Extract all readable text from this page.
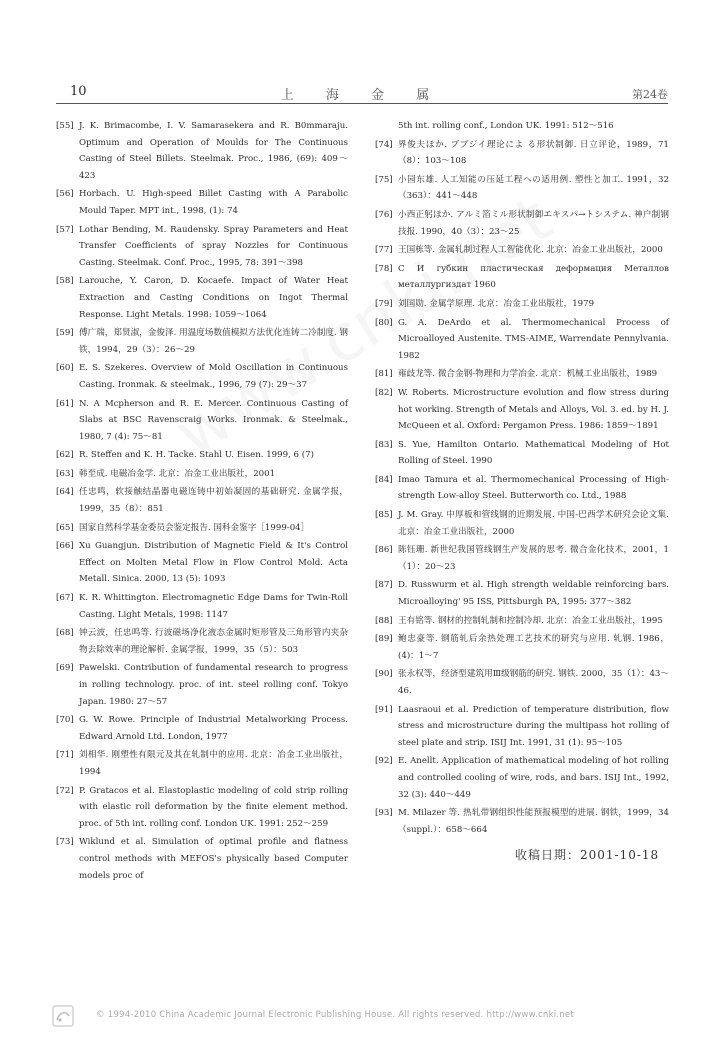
10	上 海 金 属	第24卷
[55] J. K. Brimacombe, I. V. Samarasekera and R. B0mmaraju. Optimum and Operation of Moulds for The Continuous Casting of Steel Billets. Steelmak. Proc., 1986, (69): 409～423
[56] Horbach. U. High-speed Billet Casting with A Parabolic Mould Taper. MPT int., 1998, (1): 74
[57] Lothar Bending, M. Raudensky. Spray Parameters and Heat Transfer Coefficients of spray Nozzles for Continuous Casting. Steelmak. Conf. Proc., 1995, 78: 391～398
[58] Larouche, Y. Caron, D. Kocaefe. Impact of Water Heat Extraction and Casting Conditions on Ingot Thermal Response. Light Metals. 1998: 1059～1064
[59] 傅广瑞，郑贤淑，金俊泽. 用温度场数值模拟方法优化连铸二冷制度. 钢铁，1994，29（3）：26～29
[60] E. S. Szekeres. Overview of Mold Oscillation in Continuous Casting. Ironmak. & steelmak., 1996, 79 (7): 29～37
[61] N. A Mcpherson and R. E. Mercer. Continuous Casting of Slabs at BSC Ravenscraig Works. Ironmak. & Steelmak., 1980, 7 (4): 75～81
[62] R. Steffen and K. H. Tacke. Stahl U. Eisen. 1999, 6 (7)
[63] 韩至成. 电磁冶金学. 北京：冶金工业出版社，2001
[64] 任忠鸣，软接触结晶器电磁连铸中初始凝固的基础研究. 金属学报，1999，35（8）：851
[65] 国家自然科学基金委员会鉴定报告. 国科金鉴字［1999-04］
[66] Xu Guangjun. Distribution of Magnetic Field & It's Control Effect on Molten Metal Flow in Flow Control Mold. Acta Metall. Sinica. 2000, 13 (5): 1093
[67] K. R. Whittington. Electromagnetic Edge Dams for Twin-Roll Casting. Light Metals, 1998: 1147
[68] 钟云波，任忠鸣等. 行波磁场净化液态金属时矩形管及三角形管内夹杂物去除效率的理论解析. 金属学报，1999，35（5）：503
[69] Pawelski. Contribution of fundamental research to progress in rolling technology. proc. of int. steel rolling conf. Tokyo Japan. 1980: 27～57
[70] G. W. Rowe. Principle of Industrial Metalworking Process. Edward Arnold Ltd. London, 1977
[71] 刘相华. 刚塑性有限元及其在轧制中的应用. 北京：冶金工业出版社，1994
[72] P. Gratacos et al. Elastoplastic modeling of cold strip rolling with elastic roll deformation by the finite element method. proc. of 5th int. rolling conf. London UK. 1991: 252～259
[73] Wiklund et al. Simulation of optimal profile and flatness control methods with MEFOS's physically based Computer models proc of
5th int. rolling conf., London UK. 1991: 512～516
[74] 界俊夫ほか. ブブジイ理论によ る形状制御. 日立评论，1989，71（8）：103～108
[75] 小园东雄. 人工知能の压延工程への适用例. 塑性と加工. 1991，32（363）：441～448
[76] 小西正躬ほか. アルミ箔ミル形状制御エキスパ→トシステム. 神户制钢技报. 1990，40（3）：23～25
[77] 王国栋等. 金属轧制过程人工智能优化. 北京：冶金工业出版社，2000
[78] С И губкин пластическая деформация Металлов металлургиздат 1960
[79] 刘国勋. 金属学原理. 北京：冶金工业出版社，1979
[80] G. A. DeArdo et al. Thermomechanical Process of Microalloyed Austenite. TMS-AIME, Warrendate Pennylvania. 1982
[81] 雍歧龙等. 微合金钢-物理和力学冶金. 北京：机械工业出版社，1989
[82] W. Roberts. Microstructure evolution and flow stress during hot working. Strength of Metals and Alloys, Vol. 3. ed. by H. J. McQueen et al. Oxford: Pergamon Press. 1986: 1859～1891
[83] S. Yue, Hamilton Ontario. Mathematical Modeling of Hot Rolling of Steel. 1990
[84] Imao Tamura et al. Thermomechanical Processing of High-strength Low-alloy Steel. Butterworth co. Ltd., 1988
[85] J. M. Gray. 中厚板和管线钢的近期发展. 中国-巴西学术研究会论文集. 北京：冶金工业出版社，2000
[86] 陈钰珊. 新世纪我国管线钢生产发展的思考. 微合金化技术，2001，1（1）：20～23
[87] D. Russwurm et al. High strength weldable reinforcing bars. Microalloying' 95 ISS, Pittsburgh PA, 1995: 377～382
[88] 王有铭等. 钢材的控制轧制和控制冷却. 北京：冶金工业出版社，1995
[89] 鲍忠豪等. 钢筋轧后余热处理工艺技术的研究与应用. 轧钢. 1986，(4)：1～7
[90] 张永权等，经济型建筑用Ⅲ级钢筋的研究. 钢铁. 2000，35（1）：43～46.
[91] Laasraoui et al. Prediction of temperature distribution, flow stress and microstructure during the multipass hot rolling of steel plate and strip. ISIJ Int. 1991, 31 (1): 95～105
[92] E. Anellt. Application of mathematical modeling of hot rolling and controlled cooling of wire, rods, and bars. ISIJ Int., 1992, 32 (3): 440～449
[93] M. Milazer 等. 热轧带钢组织性能预报模型的进展. 钢铁，1999，34（suppl.）：658～664
收稿日期：2001-10-18
© 1994-2010 China Academic Journal Electronic Publishing House. All rights reserved. http://www.cnki.net
